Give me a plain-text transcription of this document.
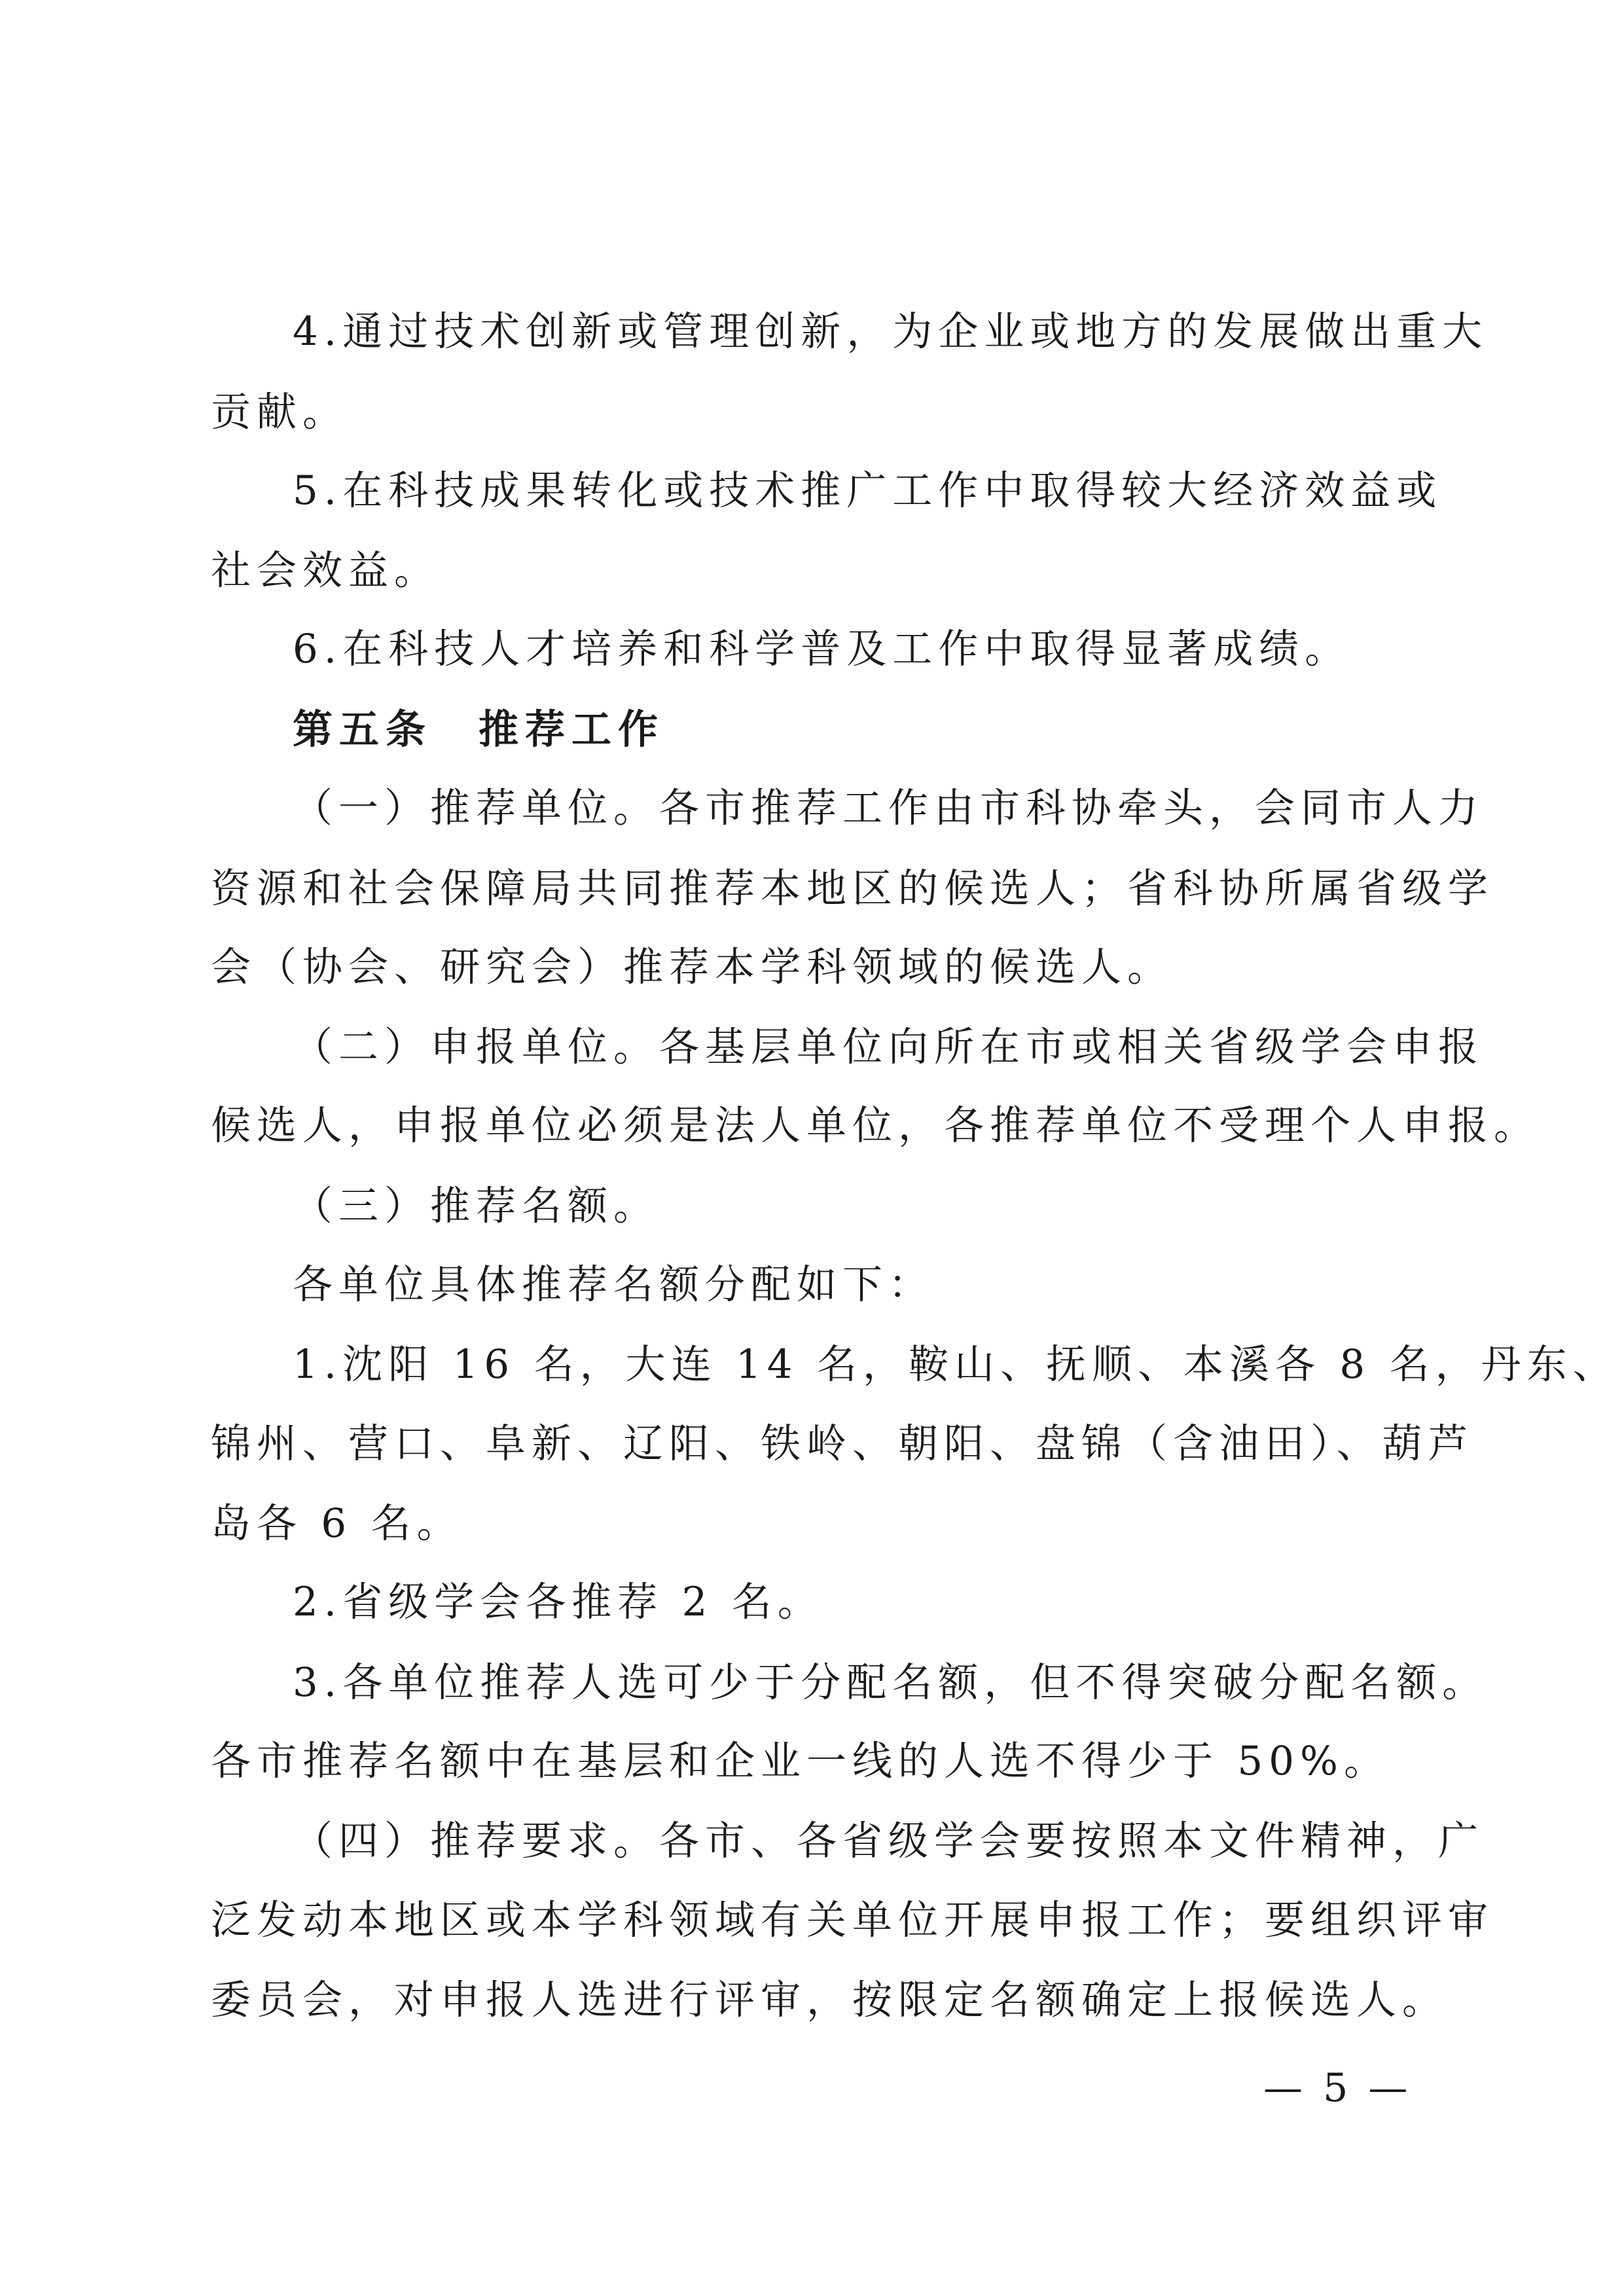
4.通过技术创新或管理创新，为企业或地方的发展做出重大
贡献。
5.在科技成果转化或技术推广工作中取得较大经济效益或
社会效益。
6.在科技人才培养和科学普及工作中取得显著成绩。
第五条　推荐工作
（一）推荐单位。各市推荐工作由市科协牵头，会同市人力
资源和社会保障局共同推荐本地区的候选人；省科协所属省级学
会（协会、研究会）推荐本学科领域的候选人。
（二）申报单位。各基层单位向所在市或相关省级学会申报
候选人，申报单位必须是法人单位，各推荐单位不受理个人申报。
（三）推荐名额。
各单位具体推荐名额分配如下：
1.沈阳 16 名，大连 14 名，鞍山、抚顺、本溪各 8 名，丹东、
锦州、营口、阜新、辽阳、铁岭、朝阳、盘锦（含油田）、葫芦
岛各 6 名。
2.省级学会各推荐 2 名。
3.各单位推荐人选可少于分配名额，但不得突破分配名额。
各市推荐名额中在基层和企业一线的人选不得少于 50%。
（四）推荐要求。各市、各省级学会要按照本文件精神，广
泛发动本地区或本学科领域有关单位开展申报工作；要组织评审
委员会，对申报人选进行评审，按限定名额确定上报候选人。
— 5 —
